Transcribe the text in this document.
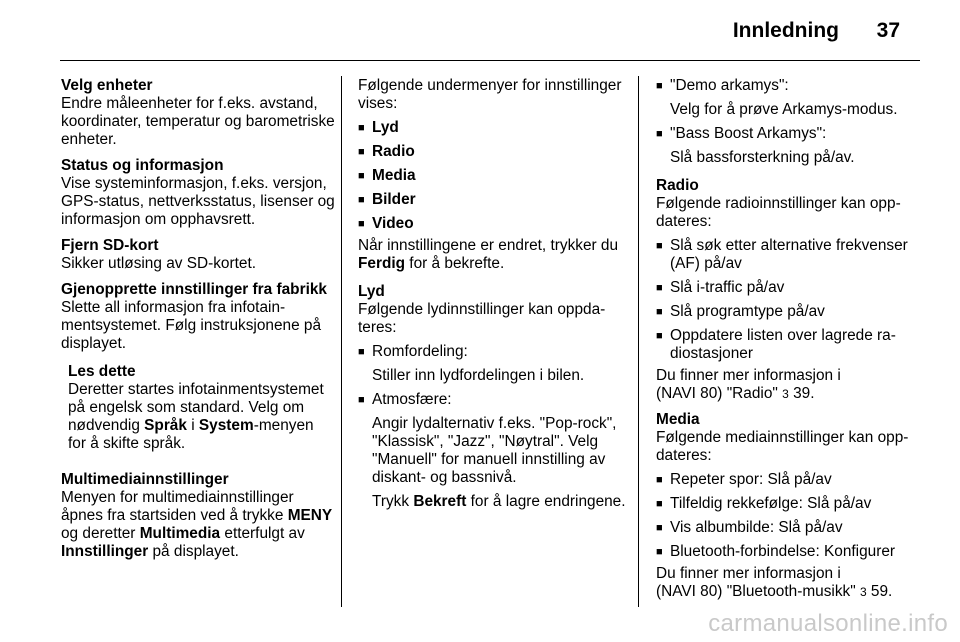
Innledning 37
Velg enheter
Endre måleenheter for f.eks. avstand, koordinater, temperatur og barometriske enheter.
Status og informasjon
Vise systeminformasjon, f.eks. versjon, GPS-status, nettverksstatus, lisenser og informasjon om opphavsrett.
Fjern SD-kort
Sikker utløsing av SD-kortet.
Gjenopprette innstillinger fra fabrikk
Slette all informasjon fra infotainmentsystemet. Følg instruksjonene på displayet.
Les dette
Deretter startes infotainmentsystemet på engelsk som standard. Velg om nødvendig Språk i System-menyen for å skifte språk.
Multimediainnstillinger
Menyen for multimediainnstillinger åpnes fra startsiden ved å trykke MENY og deretter Multimedia etterfulgt av Innstillinger på displayet.
Følgende undermenyer for innstillinger vises:
■ Lyd
■ Radio
■ Media
■ Bilder
■ Video
Når innstillingene er endret, trykker du Ferdig for å bekrefte.
Lyd
Følgende lydinnstillinger kan oppdateres:
■ Romfordeling:
Stiller inn lydfordelingen i bilen.
■ Atmosfære:
Angir lydalternativ f.eks. "Pop-rock", "Klassisk", "Jazz", "Nøytral". Velg "Manuell" for manuell innstilling av diskant- og bassnivå.
Trykk Bekreft for å lagre endringene.
■ "Demo arkamys":
Velg for å prøve Arkamys-modus.
■ "Bass Boost Arkamys":
Slå bassforsterkning på/av.
Radio
Følgende radioinnstillinger kan oppdateres:
■ Slå søk etter alternative frekvenser (AF) på/av
■ Slå i-traffic på/av
■ Slå programtype på/av
■ Oppdatere listen over lagrede radiostasjoner
Du finner mer informasjon i
(NAVI 80) "Radio" 3 39.
Media
Følgende mediainnstillinger kan oppdateres:
■ Repeter spor: Slå på/av
■ Tilfeldig rekkefølge: Slå på/av
■ Vis albumbilde: Slå på/av
■ Bluetooth-forbindelse: Konfigurer
Du finner mer informasjon i
(NAVI 80) "Bluetooth-musikk" 3 59.
carmanualsonline.info
